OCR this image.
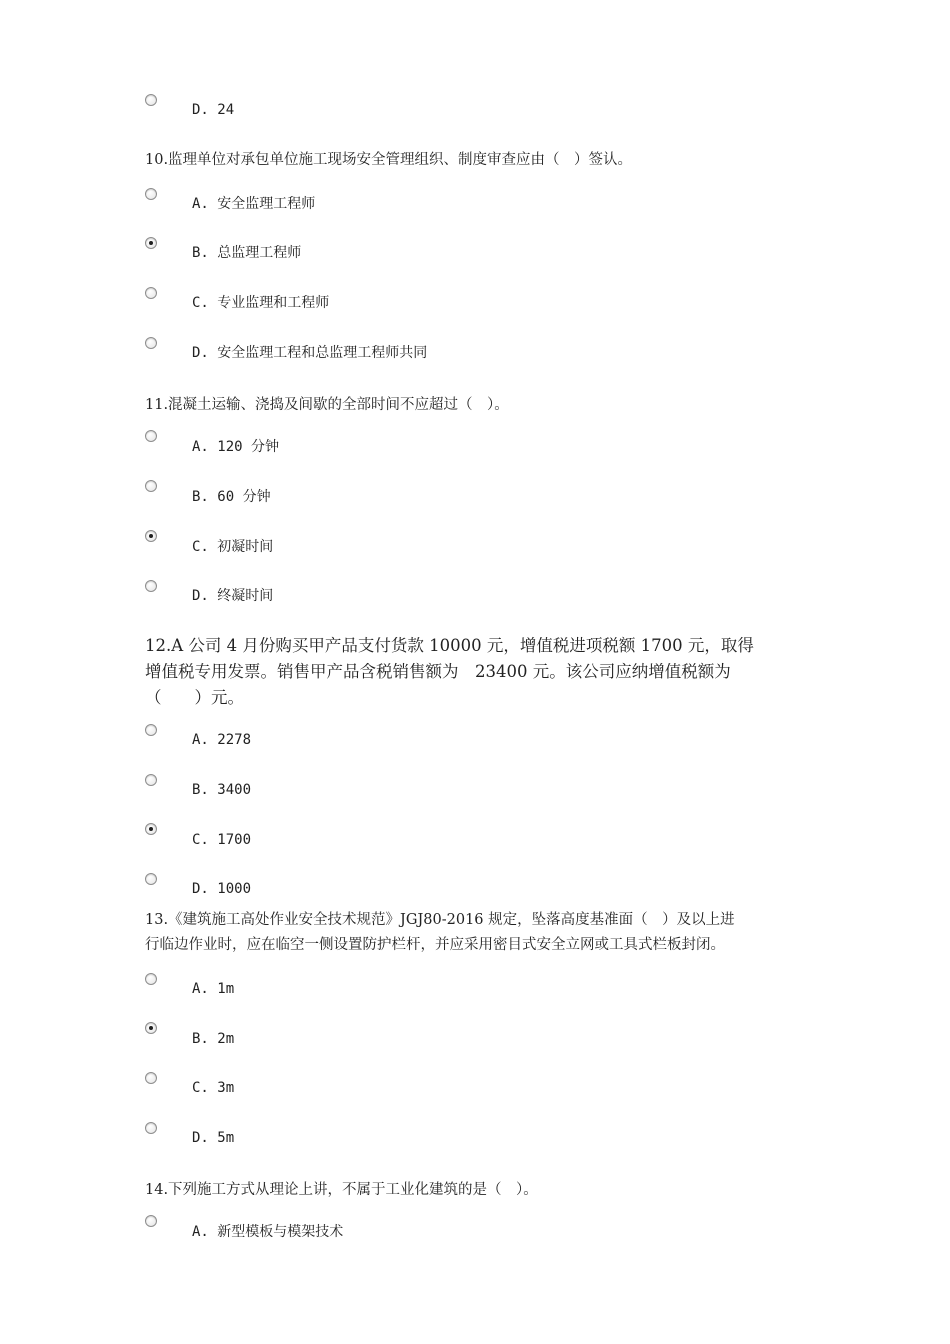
D. 24
10.监理单位对承包单位施工现场安全管理组织、制度审查应由（　）签认。
A. 安全监理工程师
B. 总监理工程师
C. 专业监理和工程师
D. 安全监理工程和总监理工程师共同
11.混凝土运输、浇捣及间歇的全部时间不应超过（　）。
A. 120 分钟
B. 60 分钟
C. 初凝时间
D. 终凝时间
12.A 公司 4 月份购买甲产品支付货款 10000 元，增值税进项税额 1700 元，取得
增值税专用发票。销售甲产品含税销售额为　23400 元。该公司应纳增值税额为
（　　）元。
A. 2278
B. 3400
C. 1700
D. 1000
13.《建筑施工高处作业安全技术规范》JGJ80-2016 规定，坠落高度基准面（　）及以上进
行临边作业时，应在临空一侧设置防护栏杆，并应采用密目式安全立网或工具式栏板封闭。
A. 1m
B. 2m
C. 3m
D. 5m
14.下列施工方式从理论上讲，不属于工业化建筑的是（　）。
A. 新型模板与模架技术
